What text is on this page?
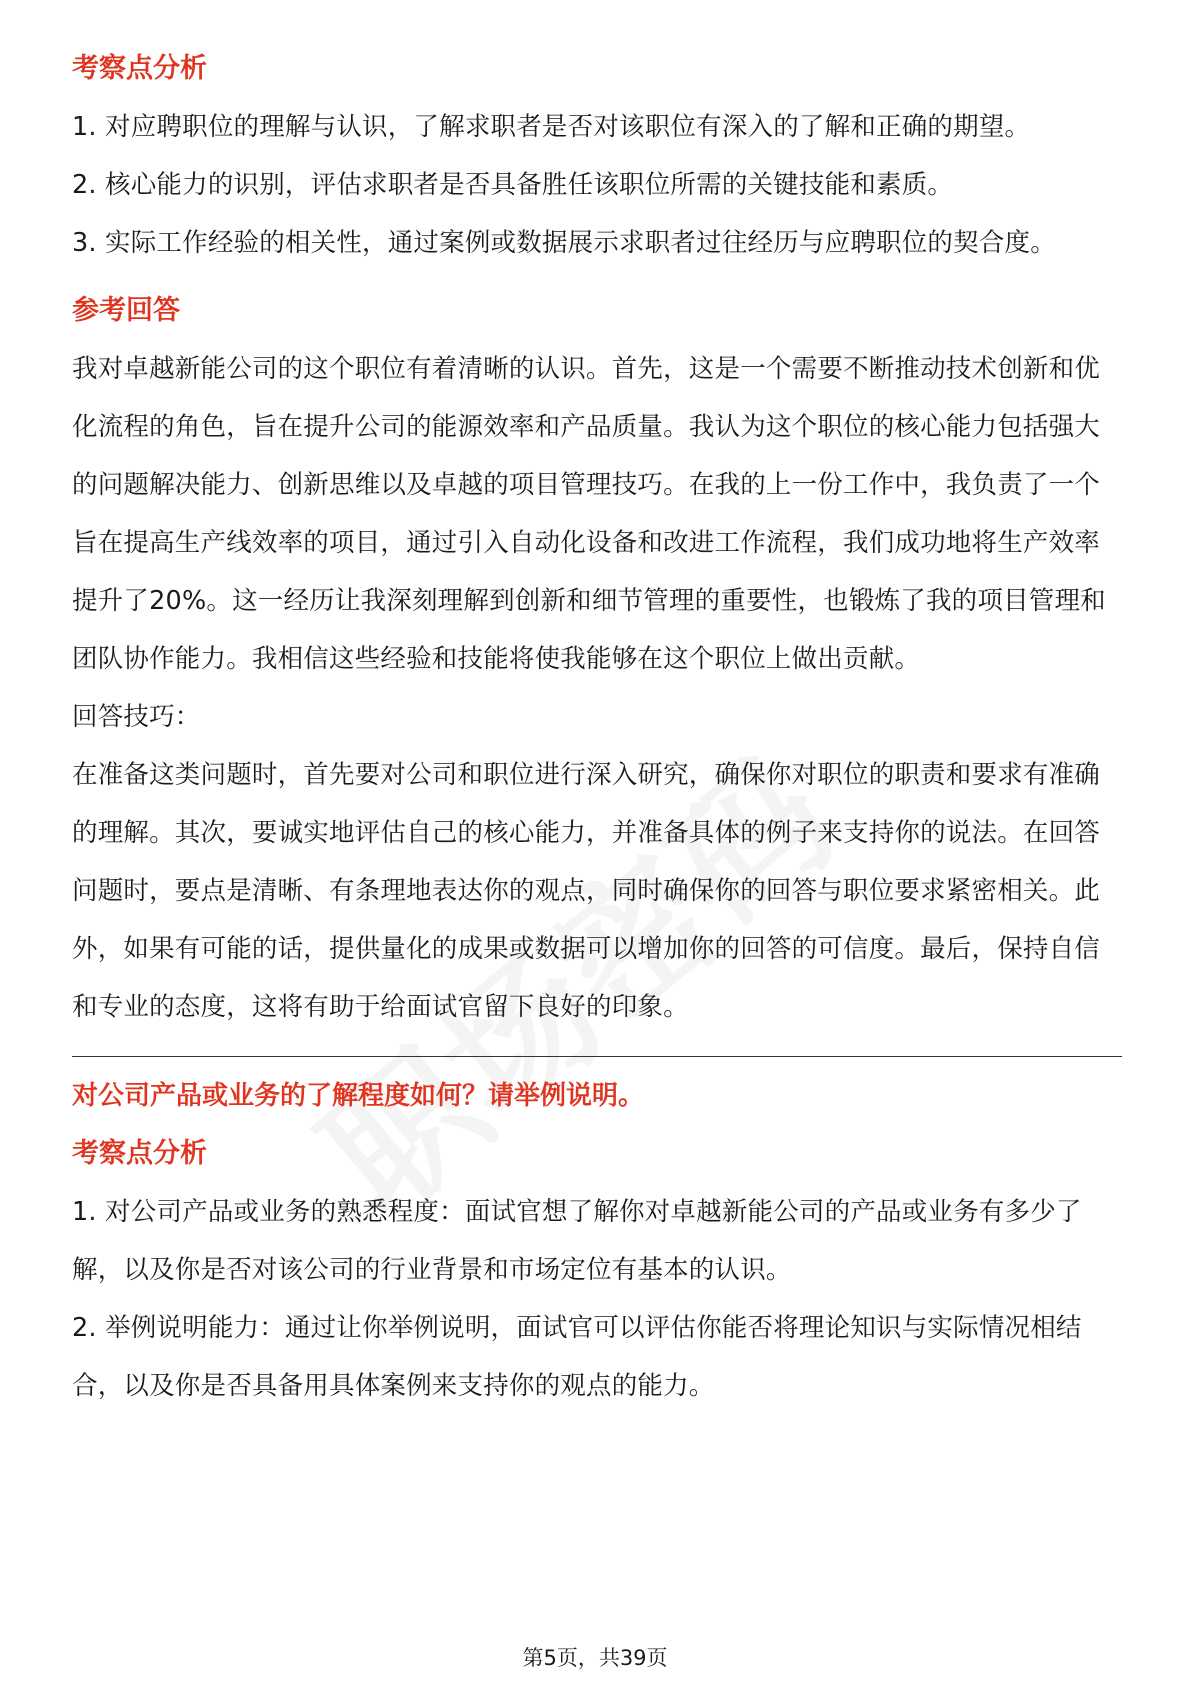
考察点分析

1. 对应聘职位的理解与认识，了解求职者是否对该职位有深入的了解和正确的期望。

2. 核心能力的识别，评估求职者是否具备胜任该职位所需的关键技能和素质。

3. 实际工作经验的相关性，通过案例或数据展示求职者过往经历与应聘职位的契合度。

参考回答

我对卓越新能公司的这个职位有着清晰的认识。首先，这是一个需要不断推动技术创新和优化流程的角色，旨在提升公司的能源效率和产品质量。我认为这个职位的核心能力包括强大的问题解决能力、创新思维以及卓越的项目管理技巧。在我的上一份工作中，我负责了一个旨在提高生产线效率的项目，通过引入自动化设备和改进工作流程，我们成功地将生产效率提升了20%。这一经历让我深刻理解到创新和细节管理的重要性，也锻炼了我的项目管理和团队协作能力。我相信这些经验和技能将使我能够在这个职位上做出贡献。

回答技巧：

在准备这类问题时，首先要对公司和职位进行深入研究，确保你对职位的职责和要求有准确的理解。其次，要诚实地评估自己的核心能力，并准备具体的例子来支持你的说法。在回答问题时，要点是清晰、有条理地表达你的观点，同时确保你的回答与职位要求紧密相关。此外，如果有可能的话，提供量化的成果或数据可以增加你的回答的可信度。最后，保持自信和专业的态度，这将有助于给面试官留下良好的印象。

对公司产品或业务的了解程度如何？请举例说明。

考察点分析

1. 对公司产品或业务的熟悉程度：面试官想了解你对卓越新能公司的产品或业务有多少了解，以及你是否对该公司的行业背景和市场定位有基本的认识。

2. 举例说明能力：通过让你举例说明，面试官可以评估你能否将理论知识与实际情况相结合，以及你是否具备用具体案例来支持你的观点的能力。

第5页，共39页
